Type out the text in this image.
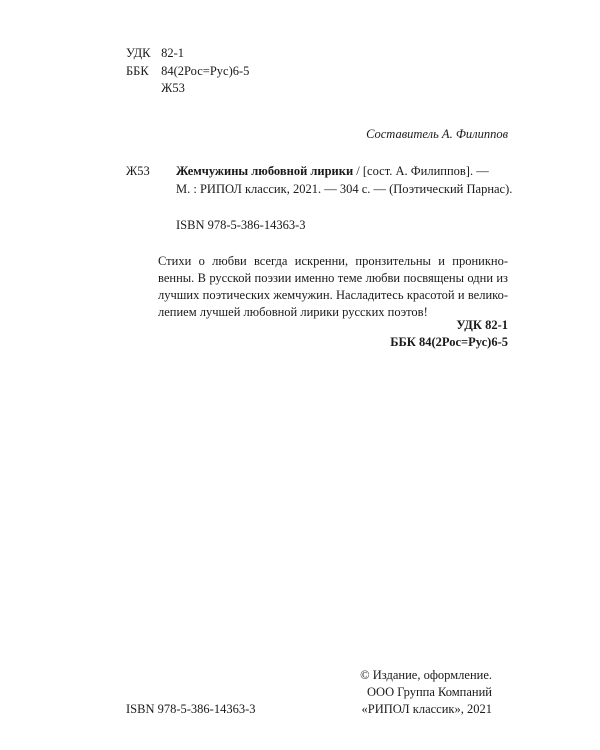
УДК 82-1
ББК 84(2Рос=Рус)6-5
Ж53
Составитель А. Филиппов
Ж53 Жемчужины любовной лирики / [сост. А. Филиппов]. —
М. : РИПОЛ классик, 2021. — 304 с. — (Поэтический Парнас).
ISBN 978-5-386-14363-3
Стихи о любви всегда искренни, пронзительны и проникно-
венны. В русской поэзии именно теме любви посвящены одни из
лучших поэтических жемчужин. Насладитесь красотой и велико-
лепием лучшей любовной лирики русских поэтов!
УДК 82-1
ББК 84(2Рос=Рус)6-5
© Издание, оформление.
ООО Группа Компаний
«РИПОЛ классик», 2021
ISBN 978-5-386-14363-3
